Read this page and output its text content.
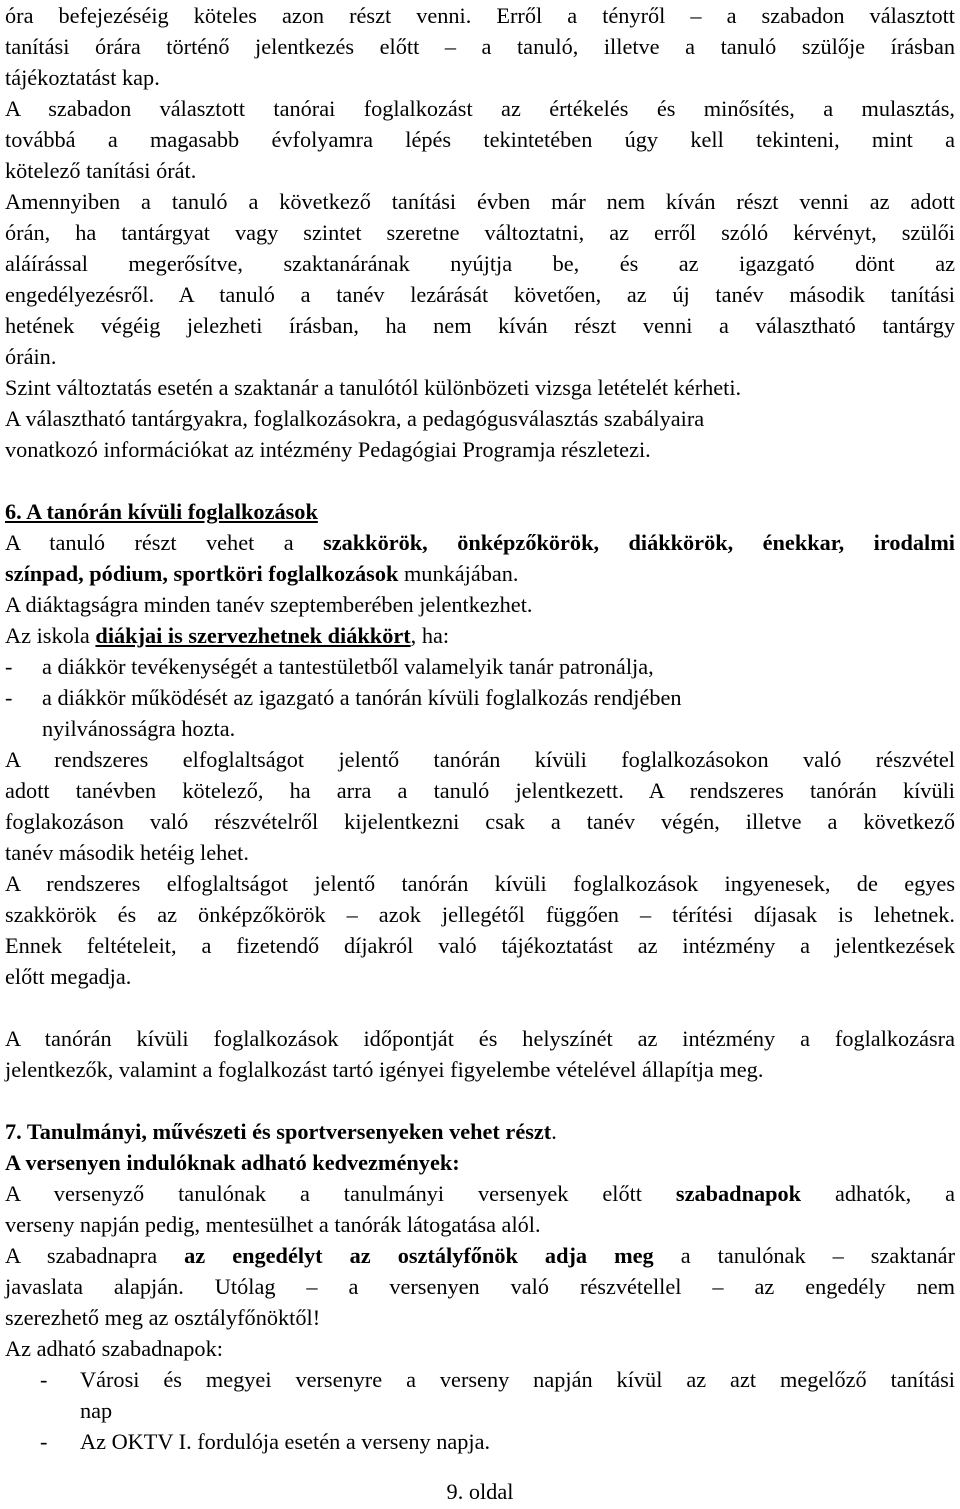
óra befejezéséig köteles azon részt venni. Erről a tényről – a szabadon választott
tanítási órára történő jelentkezés előtt – a tanuló, illetve a tanuló szülője írásban
tájékoztatást kap.
A szabadon választott tanórai foglalkozást az értékelés és minősítés, a mulasztás,
továbbá a magasabb évfolyamra lépés tekintetében úgy kell tekinteni, mint a
kötelező tanítási órát.
Amennyiben a tanuló a következő tanítási évben már nem kíván részt venni az adott
órán, ha tantárgyat vagy szintet szeretne változtatni, az erről szóló kérvényt, szülői
aláírással megerősítve, szaktanárának nyújtja be, és az igazgató dönt az
engedélyezésről. A tanuló a tanév lezárását követően, az új tanév második tanítási
hetének végéig jelezheti írásban, ha nem kíván részt venni a választható tantárgy
óráin.
Szint változtatás esetén a szaktanár a tanulótól különbözeti vizsga letételét kérheti.
A választható tantárgyakra, foglalkozásokra, a pedagógusválasztás szabályaira
vonatkozó információkat az intézmény Pedagógiai Programja részletezi.
6. A tanórán kívüli foglalkozások
A tanuló részt vehet a szakkörök, önképzőkörök, diákkörök, énekkar, irodalmi
színpad, pódium, sportköri foglalkozások munkájában.
A diáktagságra minden tanév szeptemberében jelentkezhet.
Az iskola diákjai is szervezhetnek diákkört, ha:
- a diákkör tevékenységét a tantestületből valamelyik tanár patronálja,
- a diákkör működését az igazgató a tanórán kívüli foglalkozás rendjében
nyilvánosságra hozta.
A rendszeres elfoglaltságot jelentő tanórán kívüli foglalkozásokon való részvétel
adott tanévben kötelező, ha arra a tanuló jelentkezett. A rendszeres tanórán kívüli
foglakozáson való részvételről kijelentkezni csak a tanév végén, illetve a következő
tanév második hetéig lehet.
A rendszeres elfoglaltságot jelentő tanórán kívüli foglalkozások ingyenesek, de egyes
szakkörök és az önképzőkörök – azok jellegétől függően – térítési díjasak is lehetnek.
Ennek feltételeit, a fizetendő díjakról való tájékoztatást az intézmény a jelentkezések
előtt megadja.
A tanórán kívüli foglalkozások időpontját és helyszínét az intézmény a foglalkozásra
jelentkezők, valamint a foglalkozást tartó igényei figyelembe vételével állapítja meg.
7. Tanulmányi, művészeti és sportversenyeken vehet részt.
A versenyen indulóknak adható kedvezmények:
A versenyző tanulónak a tanulmányi versenyek előtt szabadnapok adhatók, a
verseny napján pedig, mentesülhet a tanórák látogatása alól.
A szabadnapra az engedélyt az osztályfőnök adja meg a tanulónak – szaktanár
javaslata alapján. Utólag – a versenyen való részvétellel – az engedély nem
szerezhető meg az osztályfőnöktől!
Az adható szabadnapok:
- Városi és megyei versenyre a verseny napján kívül az azt megelőző tanítási
nap
- Az OKTV I. fordulója esetén a verseny napja.
9. oldal
